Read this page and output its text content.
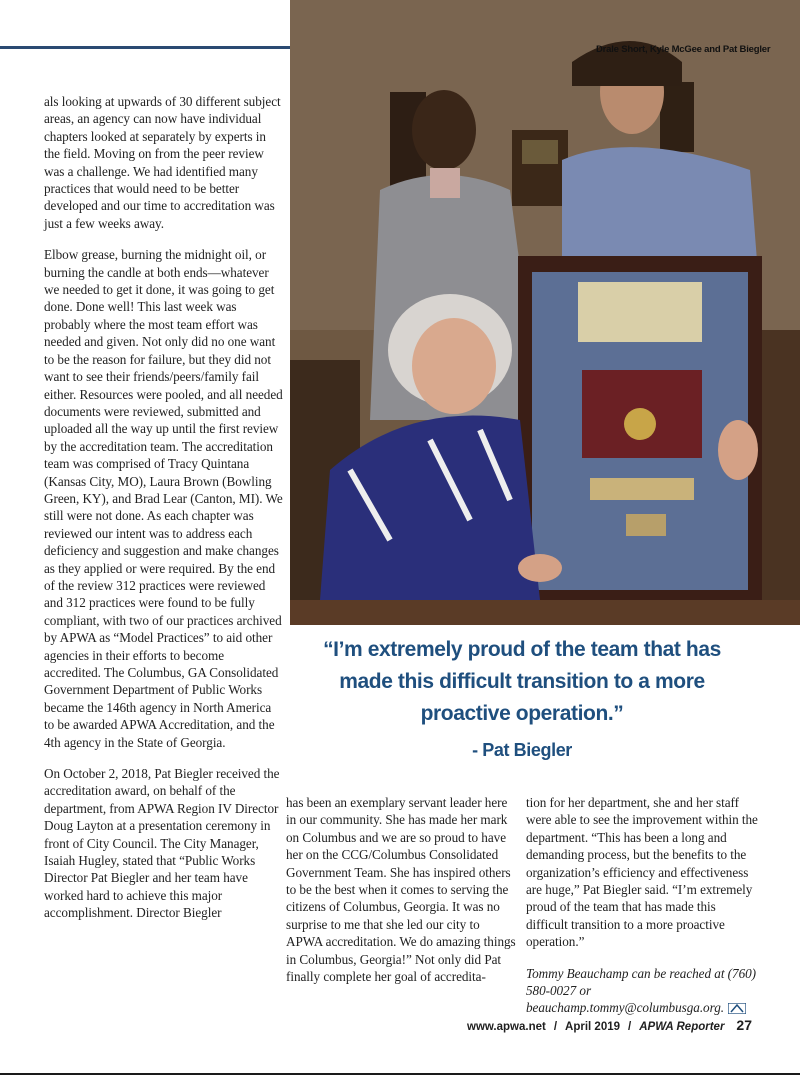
als looking at upwards of 30 different subject areas, an agency can now have individual chapters looked at separately by experts in the field. Moving on from the peer review was a challenge. We had identified many practices that would need to be better developed and our time to accreditation was just a few weeks away.

Elbow grease, burning the midnight oil, or burning the candle at both ends—whatever we needed to get it done, it was going to get done. Done well! This last week was probably where the most team effort was needed and given. Not only did no one want to be the reason for failure, but they did not want to see their friends/peers/family fail either. Resources were pooled, and all needed documents were reviewed, submitted and uploaded all the way up until the first review by the accreditation team. The accreditation team was comprised of Tracy Quintana (Kansas City, MO), Laura Brown (Bowling Green, KY), and Brad Lear (Canton, MI). We still were not done. As each chapter was reviewed our intent was to address each deficiency and suggestion and make changes as they applied or were required. By the end of the review 312 practices were reviewed and 312 practices were found to be fully compliant, with two of our practices archived by APWA as “Model Practices” to aid other agencies in their efforts to become accredited. The Columbus, GA Consolidated Government Department of Public Works became the 146th agency in North America to be awarded APWA Accreditation, and the 4th agency in the State of Georgia.

On October 2, 2018, Pat Biegler received the accreditation award, on behalf of the department, from APWA Region IV Director Doug Layton at a presentation ceremony in front of City Council. The City Manager, Isaiah Hugley, stated that “Public Works Director Pat Biegler and her team have worked hard to achieve this major accomplishment. Director Biegler

Drale Short, Kyle McGee and Pat Biegler
“I’m extremely proud of the team that has made this difficult transition to a more proactive operation.”
- Pat Biegler

has been an exemplary servant leader here in our community. She has made her mark on Columbus and we are so proud to have her on the CCG/Columbus Consolidated Government Team. She has inspired others to be the best when it comes to serving the citizens of Columbus, Georgia. It was no surprise to me that she led our city to APWA accreditation. We do amazing things in Columbus, Georgia!” Not only did Pat finally complete her goal of accredita-

tion for her department, she and her staff were able to see the improvement within the department. “This has been a long and demanding process, but the benefits to the organization’s efficiency and effectiveness are huge,” Pat Biegler said. “I’m extremely proud of the team that has made this difficult transition to a more proactive operation.”

Tommy Beauchamp can be reached at (760) 580-0027 or beauchamp.tommy@columbusga.org.
www.apwa.net / April 2019 / APWA Reporter 27
